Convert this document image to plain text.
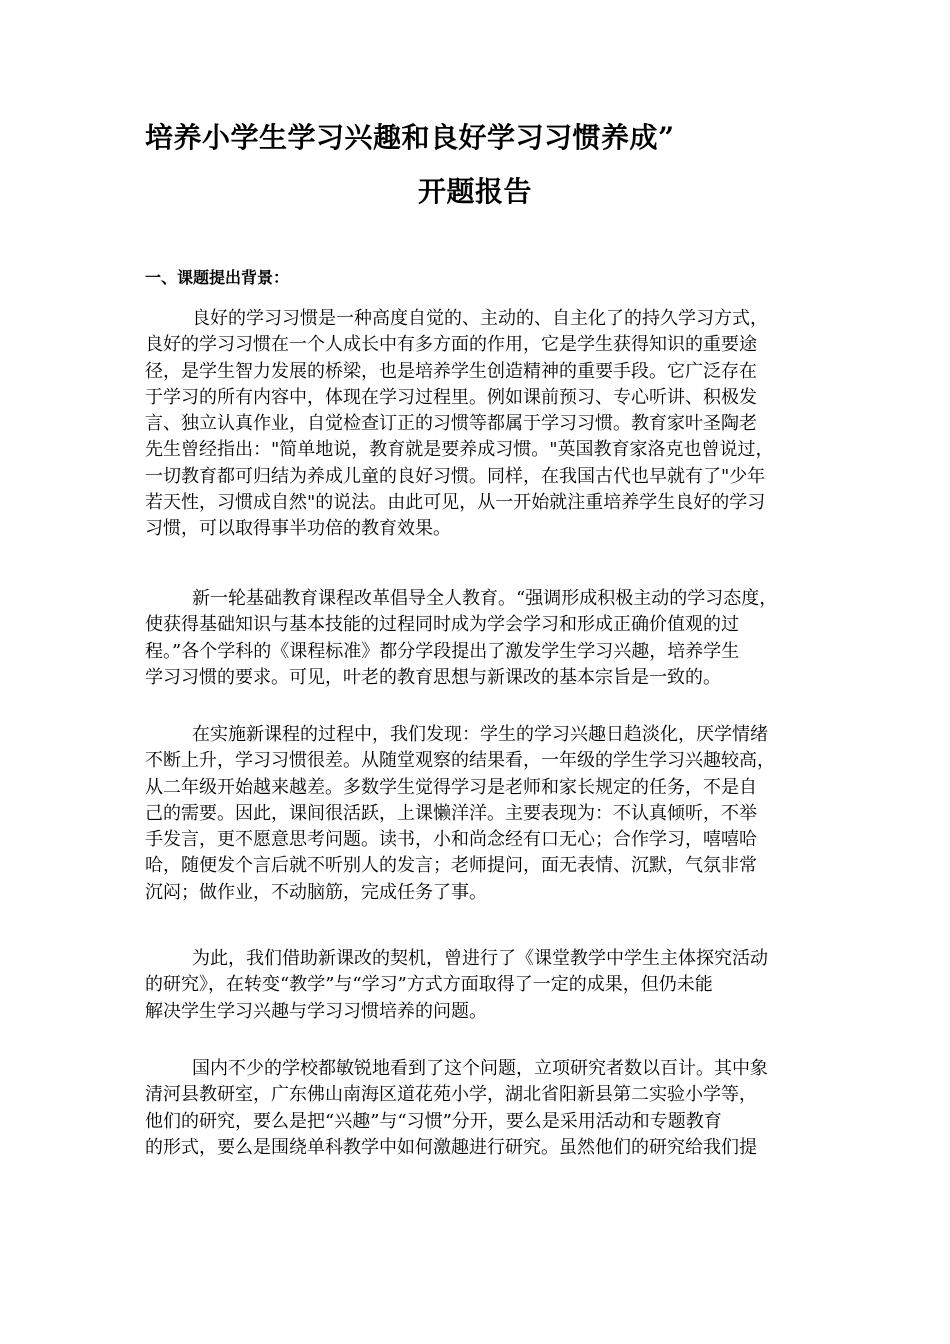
培养小学生学习兴趣和良好学习习惯养成”
开题报告
一、课题提出背景：
良好的学习习惯是一种高度自觉的、主动的、自主化了的持久学习方式，
良好的学习习惯在一个人成长中有多方面的作用，它是学生获得知识的重要途
径，是学生智力发展的桥梁，也是培养学生创造精神的重要手段。它广泛存在
于学习的所有内容中，体现在学习过程里。例如课前预习、专心听讲、积极发
言、独立认真作业，自觉检查订正的习惯等都属于学习习惯。教育家叶圣陶老
先生曾经指出："简单地说，教育就是要养成习惯。"英国教育家洛克也曾说过，
一切教育都可归结为养成儿童的良好习惯。同样，在我国古代也早就有了"少年
若天性，习惯成自然"的说法。由此可见，从一开始就注重培养学生良好的学习
习惯，可以取得事半功倍的教育效果。
新一轮基础教育课程改革倡导全人教育。“强调形成积极主动的学习态度，
使获得基础知识与基本技能的过程同时成为学会学习和形成正确价值观的过
程。”各个学科的《课程标准》都分学段提出了激发学生学习兴趣，培养学生
学习习惯的要求。可见，叶老的教育思想与新课改的基本宗旨是一致的。
在实施新课程的过程中，我们发现：学生的学习兴趣日趋淡化，厌学情绪
不断上升，学习习惯很差。从随堂观察的结果看，一年级的学生学习兴趣较高，
从二年级开始越来越差。多数学生觉得学习是老师和家长规定的任务，不是自
己的需要。因此，课间很活跃，上课懒洋洋。主要表现为：不认真倾听，不举
手发言，更不愿意思考问题。读书，小和尚念经有口无心；合作学习，嘻嘻哈
哈，随便发个言后就不听别人的发言；老师提问，面无表情、沉默，气氛非常
沉闷；做作业，不动脑筋，完成任务了事。
为此，我们借助新课改的契机，曾进行了《课堂教学中学生主体探究活动
的研究》，在转变“教学”与“学习”方式方面取得了一定的成果，但仍未能
解决学生学习兴趣与学习习惯培养的问题。
国内不少的学校都敏锐地看到了这个问题，立项研究者数以百计。其中象
清河县教研室，广东佛山南海区道花苑小学，湖北省阳新县第二实验小学等，
他们的研究，要么是把“兴趣”与“习惯”分开，要么是采用活动和专题教育
的形式，要么是围绕单科教学中如何激趣进行研究。虽然他们的研究给我们提
